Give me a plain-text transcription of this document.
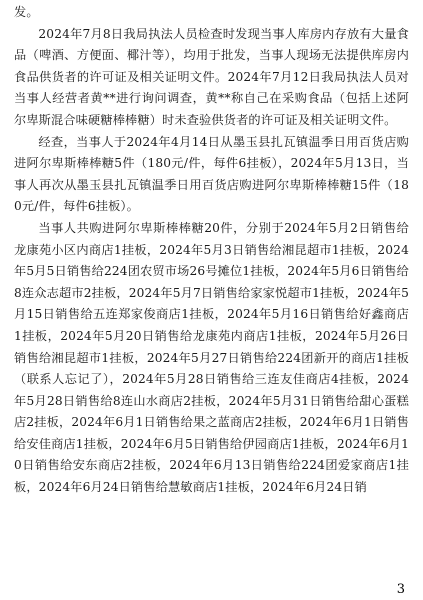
发。

2024年7月8日我局执法人员检查时发现当事人库房内存放有大量食品（啤酒、方便面、椰汁等），均用于批发，当事人现场无法提供库房内食品供货者的许可证及相关证明文件。2024年7月12日我局执法人员对当事人经营者黄**进行询问调查，黄**称自己在采购食品（包括上述阿尔卑斯混合味硬糖棒棒糖）时未查验供货者的许可证及相关证明文件。

经查，当事人于2024年4月14日从墨玉县扎瓦镇温季日用百货店购进阿尔卑斯棒棒糖5件（180元/件，每件6挂板），2024年5月13日，当事人再次从墨玉县扎瓦镇温季日用百货店购进阿尔卑斯棒棒糖15件（180元/件，每件6挂板）。

当事人共购进阿尔卑斯棒棒糖20件，分别于2024年5月2日销售给龙康苑小区内商店1挂板，2024年5月3日销售给湘昆超市1挂板，2024年5月5日销售给224团农贸市场26号摊位1挂板，2024年5月6日销售给8连众志超市2挂板，2024年5月7日销售给家家悦超市1挂板，2024年5月15日销售给五连郑家俊商店1挂板，2024年5月16日销售给好鑫商店1挂板，2024年5月20日销售给龙康苑内商店1挂板，2024年5月26日销售给湘昆超市1挂板，2024年5月27日销售给224团新开的商店1挂板（联系人忘记了），2024年5月28日销售给三连友佳商店4挂板，2024年5月28日销售给8连山水商店2挂板，2024年5月31日销售给甜心蛋糕店2挂板，2024年6月1日销售给果之蓝商店2挂板，2024年6月1日销售给安佳商店1挂板，2024年6月5日销售给伊园商店1挂板，2024年6月10日销售给安东商店2挂板，2024年6月13日销售给224团爱家商店1挂板，2024年6月24日销售给慧敏商店1挂板，2024年6月24日销

3
